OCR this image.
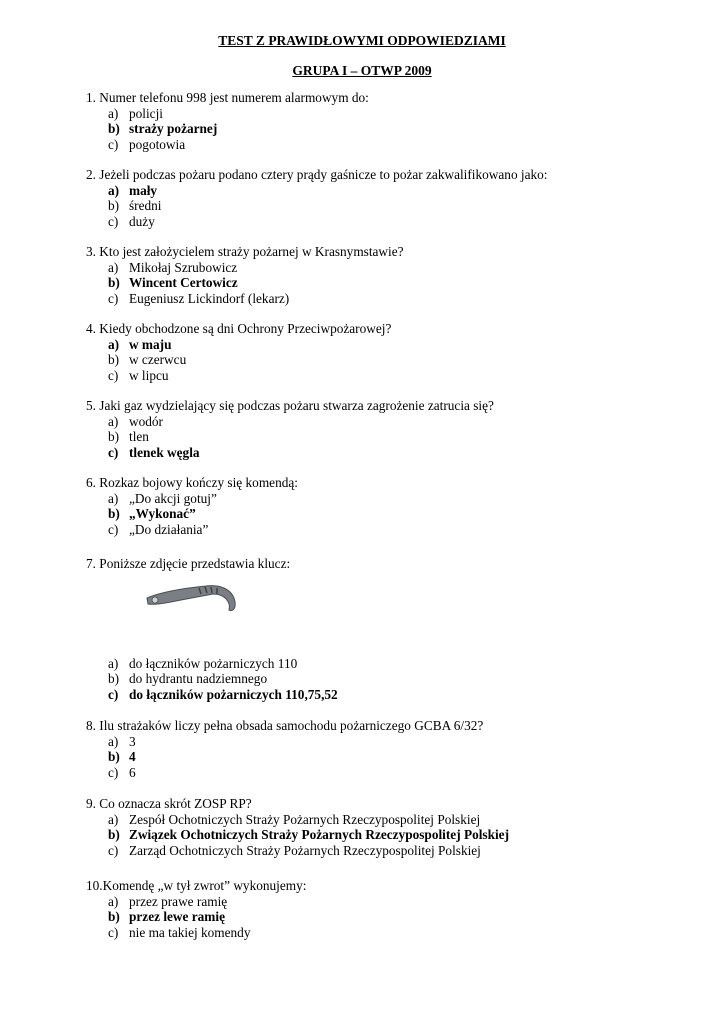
TEST Z PRAWIDŁOWYMI ODPOWIEDZIAMI
GRUPA I – OTWP 2009
1. Numer telefonu 998 jest numerem alarmowym do:
a) policji
b) straży pożarnej
c) pogotowia
2. Jeżeli podczas pożaru podano cztery prądy gaśnicze to pożar zakwalifikowano jako:
a) mały
b) średni
c) duży
3. Kto jest założycielem straży pożarnej w Krasnymstawie?
a) Mikołaj Szrubowicz
b) Wincent Certowicz
c) Eugeniusz Lickindorf (lekarz)
4. Kiedy obchodzone są dni Ochrony Przeciwpożarowej?
a) w maju
b) w czerwcu
c) w lipcu
5. Jaki gaz wydzielający się podczas pożaru stwarza zagrożenie zatrucia się?
a) wodór
b) tlen
c) tlenek węgla
6. Rozkaz bojowy kończy się komendą:
a) „Do akcji gotuj”
b) „Wykonać”
c) „Do działania”
7. Poniższe zdjęcie przedstawia klucz:
a) do łączników pożarniczych 110
b) do hydrantu nadziemnego
c) do łączników pożarniczych 110,75,52
8. Ilu strażaków liczy pełna obsada samochodu pożarniczego GCBA 6/32?
a) 3
b) 4
c) 6
9. Co oznacza skrót ZOSP RP?
a) Zespół Ochotniczych Straży Pożarnych Rzeczypospolitej Polskiej
b) Związek Ochotniczych Straży Pożarnych Rzeczypospolitej Polskiej
c) Zarząd Ochotniczych Straży Pożarnych Rzeczypospolitej Polskiej
10.Komendę „w tył zwrot” wykonujemy:
a) przez prawe ramię
b) przez lewe ramię
c) nie ma takiej komendy
